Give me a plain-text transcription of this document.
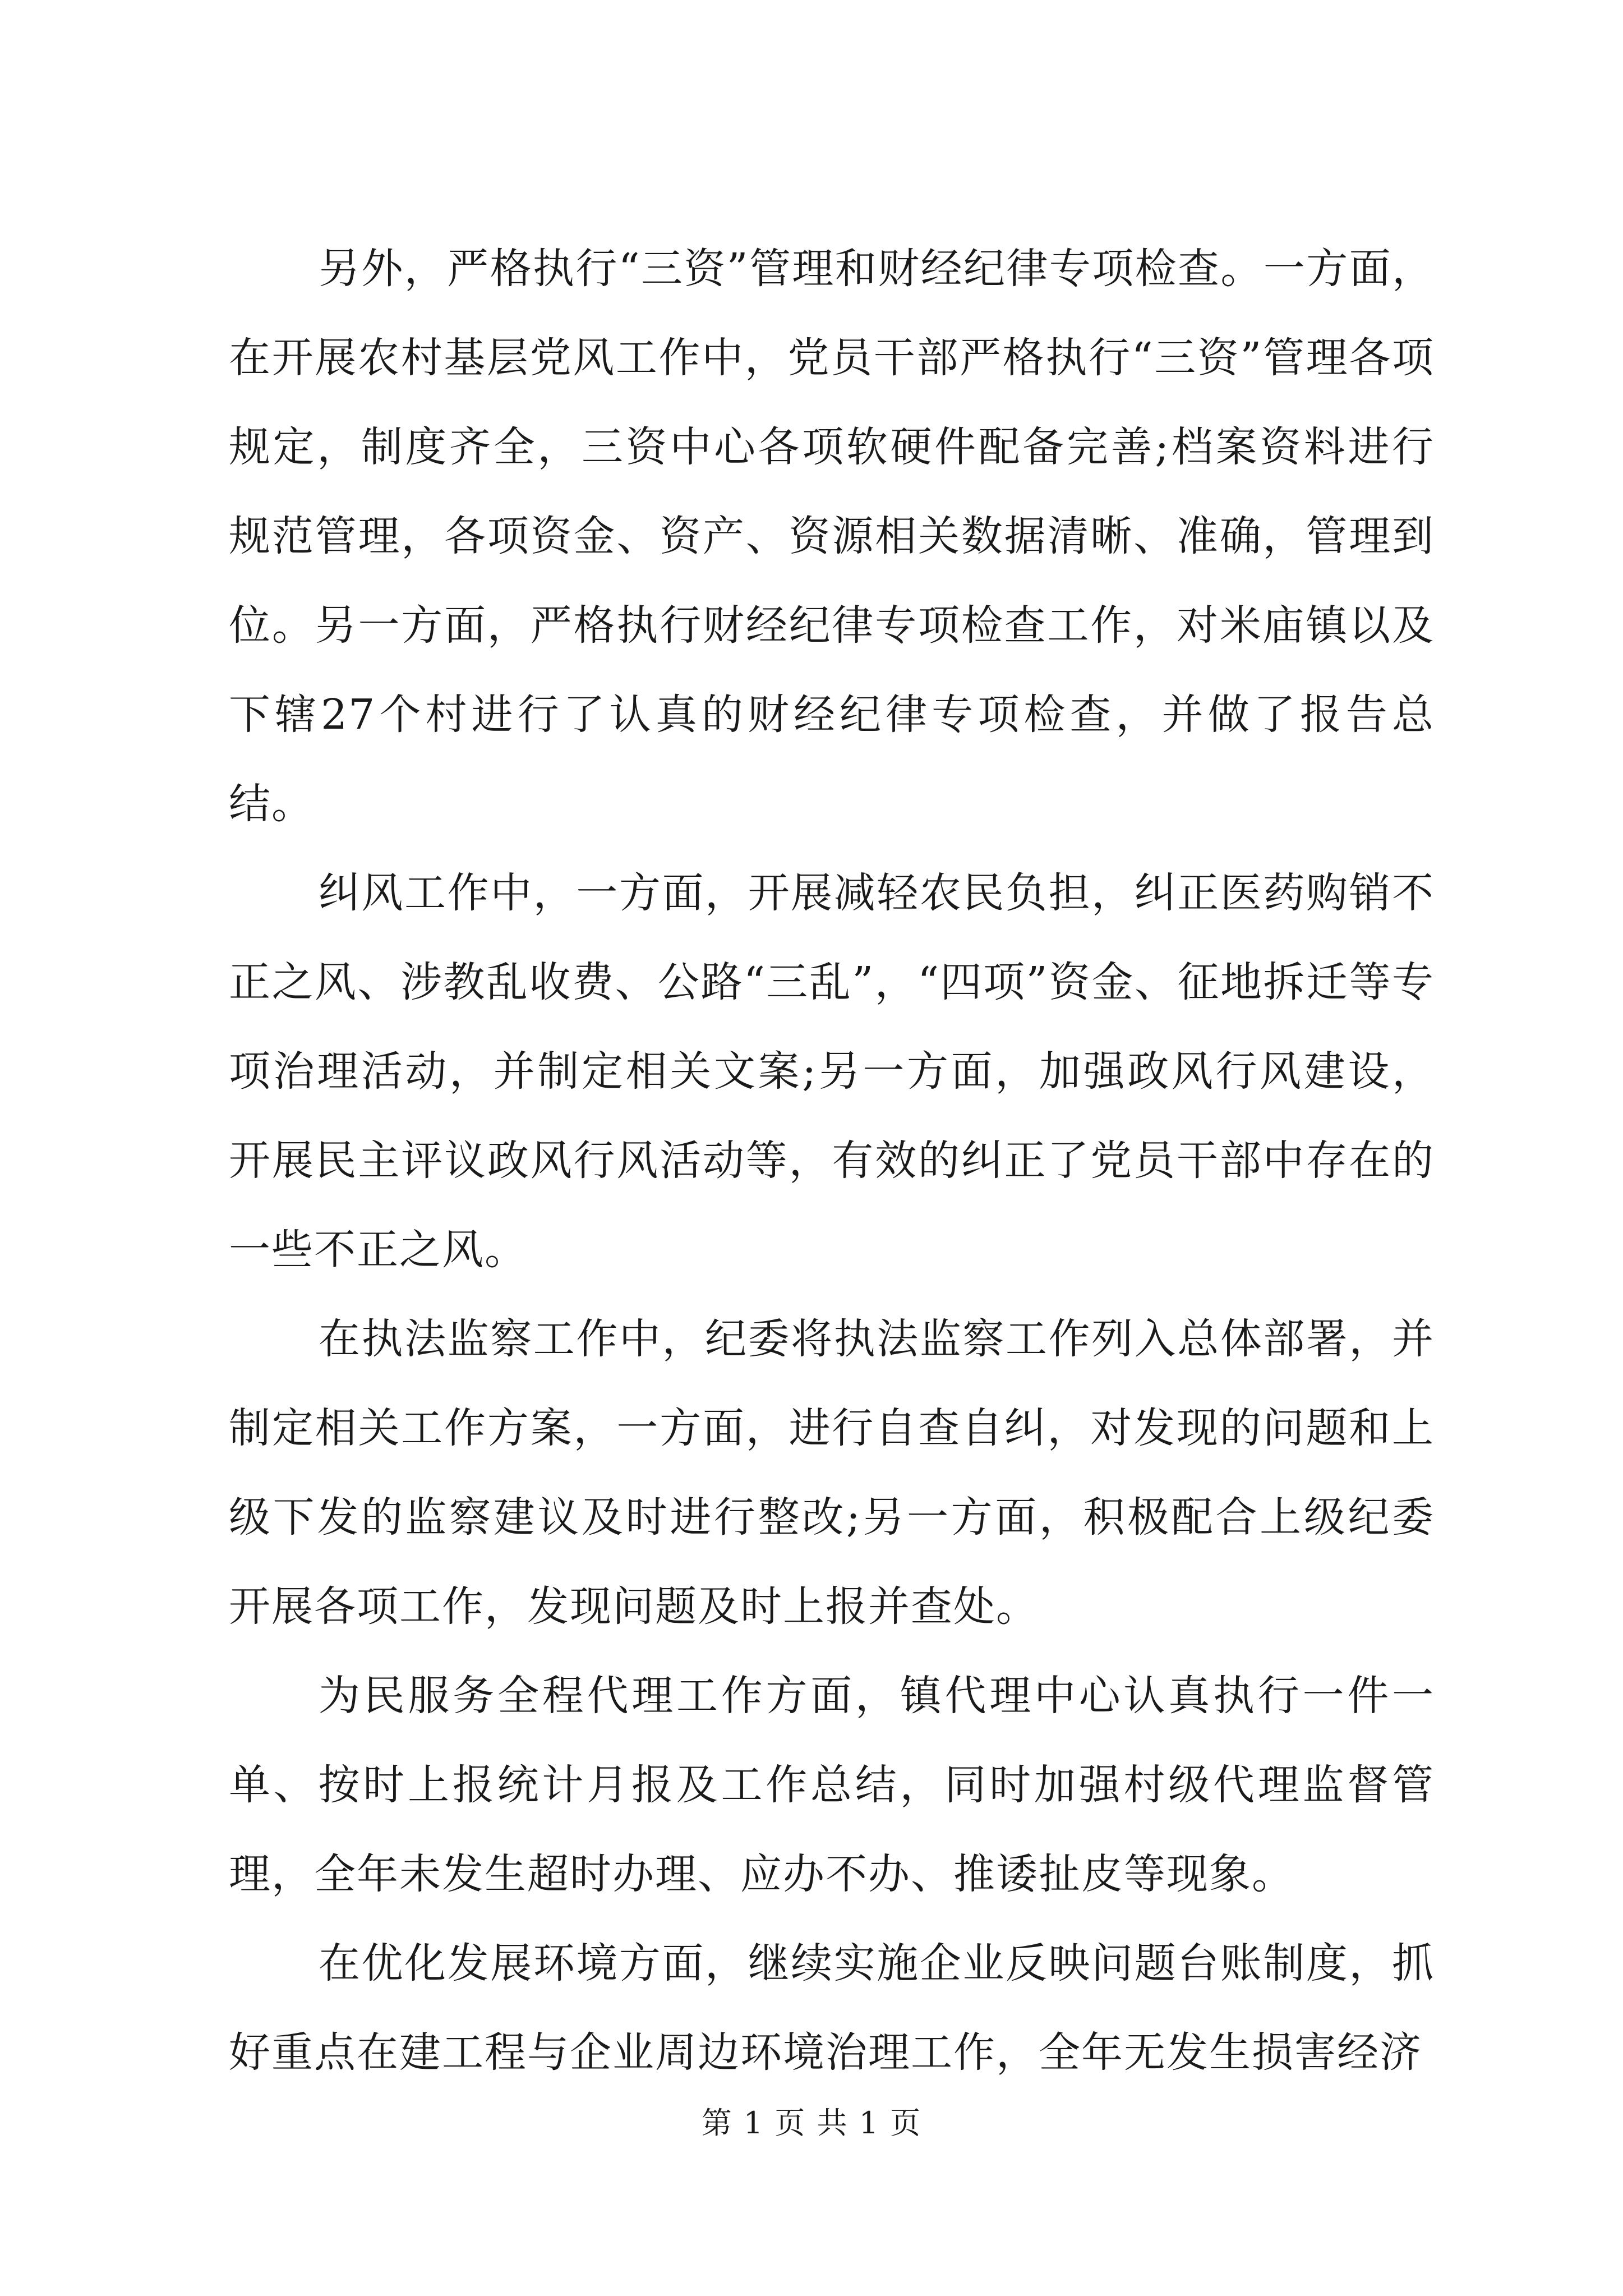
另外，严格执行“三资”管理和财经纪律专项检查。一方面，在开展农村基层党风工作中，党员干部严格执行“三资”管理各项规定，制度齐全，三资中心各项软硬件配备完善;档案资料进行规范管理，各项资金、资产、资源相关数据清晰、准确，管理到位。另一方面，严格执行财经纪律专项检查工作，对米庙镇以及下辖27个村进行了认真的财经纪律专项检查，并做了报告总结。

纠风工作中，一方面，开展减轻农民负担，纠正医药购销不正之风、涉教乱收费、公路“三乱”，“四项”资金、征地拆迁等专项治理活动，并制定相关文案;另一方面，加强政风行风建设，开展民主评议政风行风活动等，有效的纠正了党员干部中存在的一些不正之风。

在执法监察工作中，纪委将执法监察工作列入总体部署，并制定相关工作方案，一方面，进行自查自纠，对发现的问题和上级下发的监察建议及时进行整改;另一方面，积极配合上级纪委开展各项工作，发现问题及时上报并查处。

为民服务全程代理工作方面，镇代理中心认真执行一件一单、按时上报统计月报及工作总结，同时加强村级代理监督管理，全年未发生超时办理、应办不办、推诿扯皮等现象。

在优化发展环境方面，继续实施企业反映问题台账制度，抓好重点在建工程与企业周边环境治理工作，全年无发生损害经济

第 1 页 共 1 页
